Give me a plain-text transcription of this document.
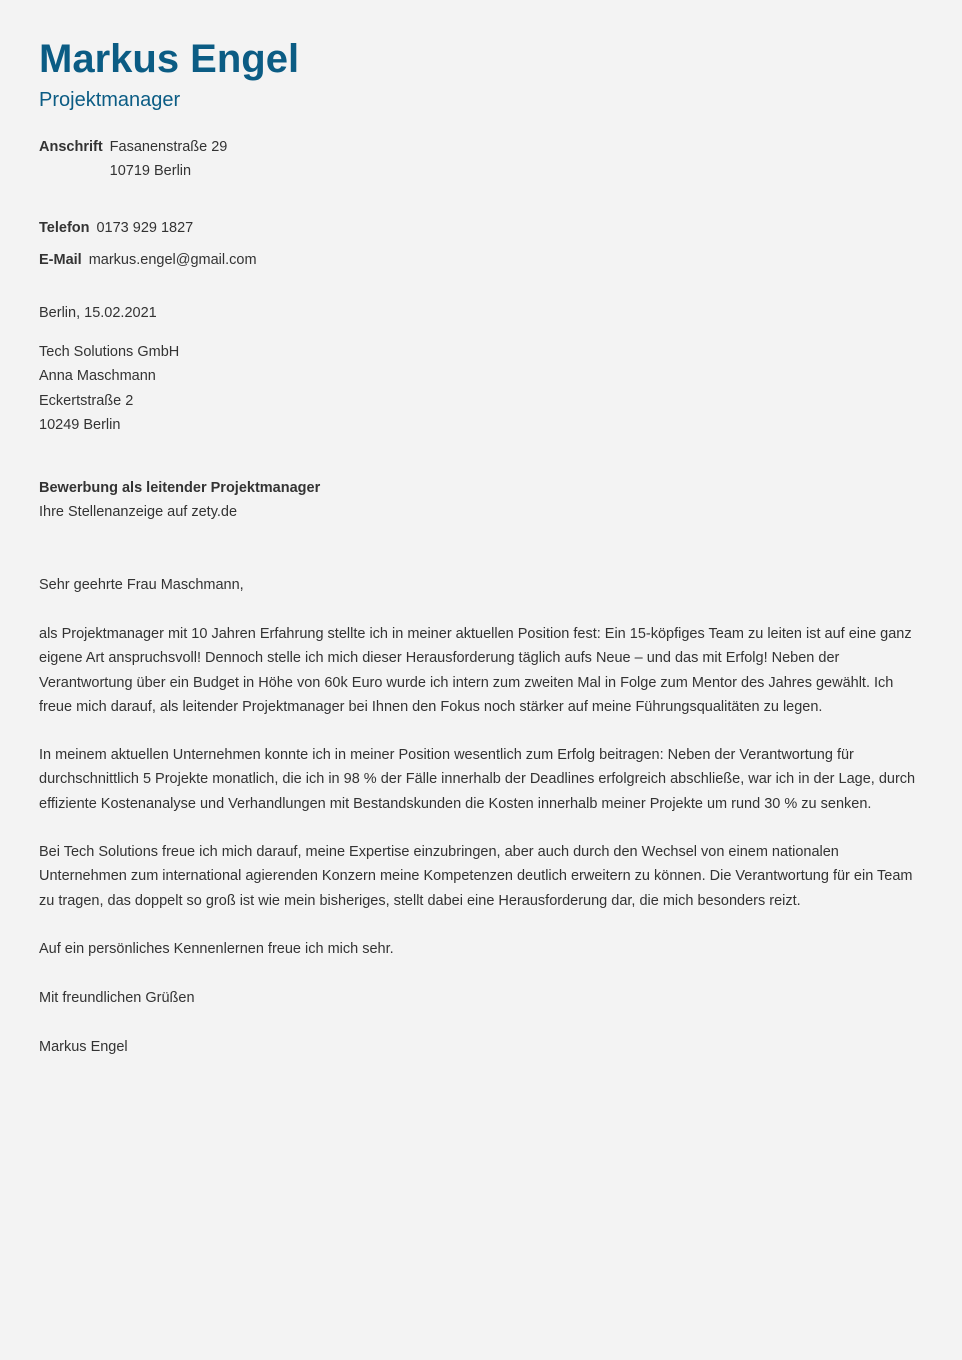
Markus Engel
Projektmanager
Anschrift Fasanenstraße 29
10719 Berlin
Telefon 0173 929 1827
E-Mail markus.engel@gmail.com
Berlin, 15.02.2021
Tech Solutions GmbH
Anna Maschmann
Eckertstraße 2
10249 Berlin
Bewerbung als leitender Projektmanager
Ihre Stellenanzeige auf zety.de
Sehr geehrte Frau Maschmann,

als Projektmanager mit 10 Jahren Erfahrung stellte ich in meiner aktuellen Position fest: Ein 15-köpfiges Team zu leiten ist auf eine ganz eigene Art anspruchsvoll! Dennoch stelle ich mich dieser Herausforderung täglich aufs Neue – und das mit Erfolg! Neben der Verantwortung über ein Budget in Höhe von 60k Euro wurde ich intern zum zweiten Mal in Folge zum Mentor des Jahres gewählt. Ich freue mich darauf, als leitender Projektmanager bei Ihnen den Fokus noch stärker auf meine Führungsqualitäten zu legen.

In meinem aktuellen Unternehmen konnte ich in meiner Position wesentlich zum Erfolg beitragen: Neben der Verantwortung für durchschnittlich 5 Projekte monatlich, die ich in 98 % der Fälle innerhalb der Deadlines erfolgreich abschließe, war ich in der Lage, durch effiziente Kostenanalyse und Verhandlungen mit Bestandskunden die Kosten innerhalb meiner Projekte um rund 30 % zu senken.

Bei Tech Solutions freue ich mich darauf, meine Expertise einzubringen, aber auch durch den Wechsel von einem nationalen Unternehmen zum international agierenden Konzern meine Kompetenzen deutlich erweitern zu können. Die Verantwortung für ein Team zu tragen, das doppelt so groß ist wie mein bisheriges, stellt dabei eine Herausforderung dar, die mich besonders reizt.

Auf ein persönliches Kennenlernen freue ich mich sehr.

Mit freundlichen Grüßen
Markus Engel
